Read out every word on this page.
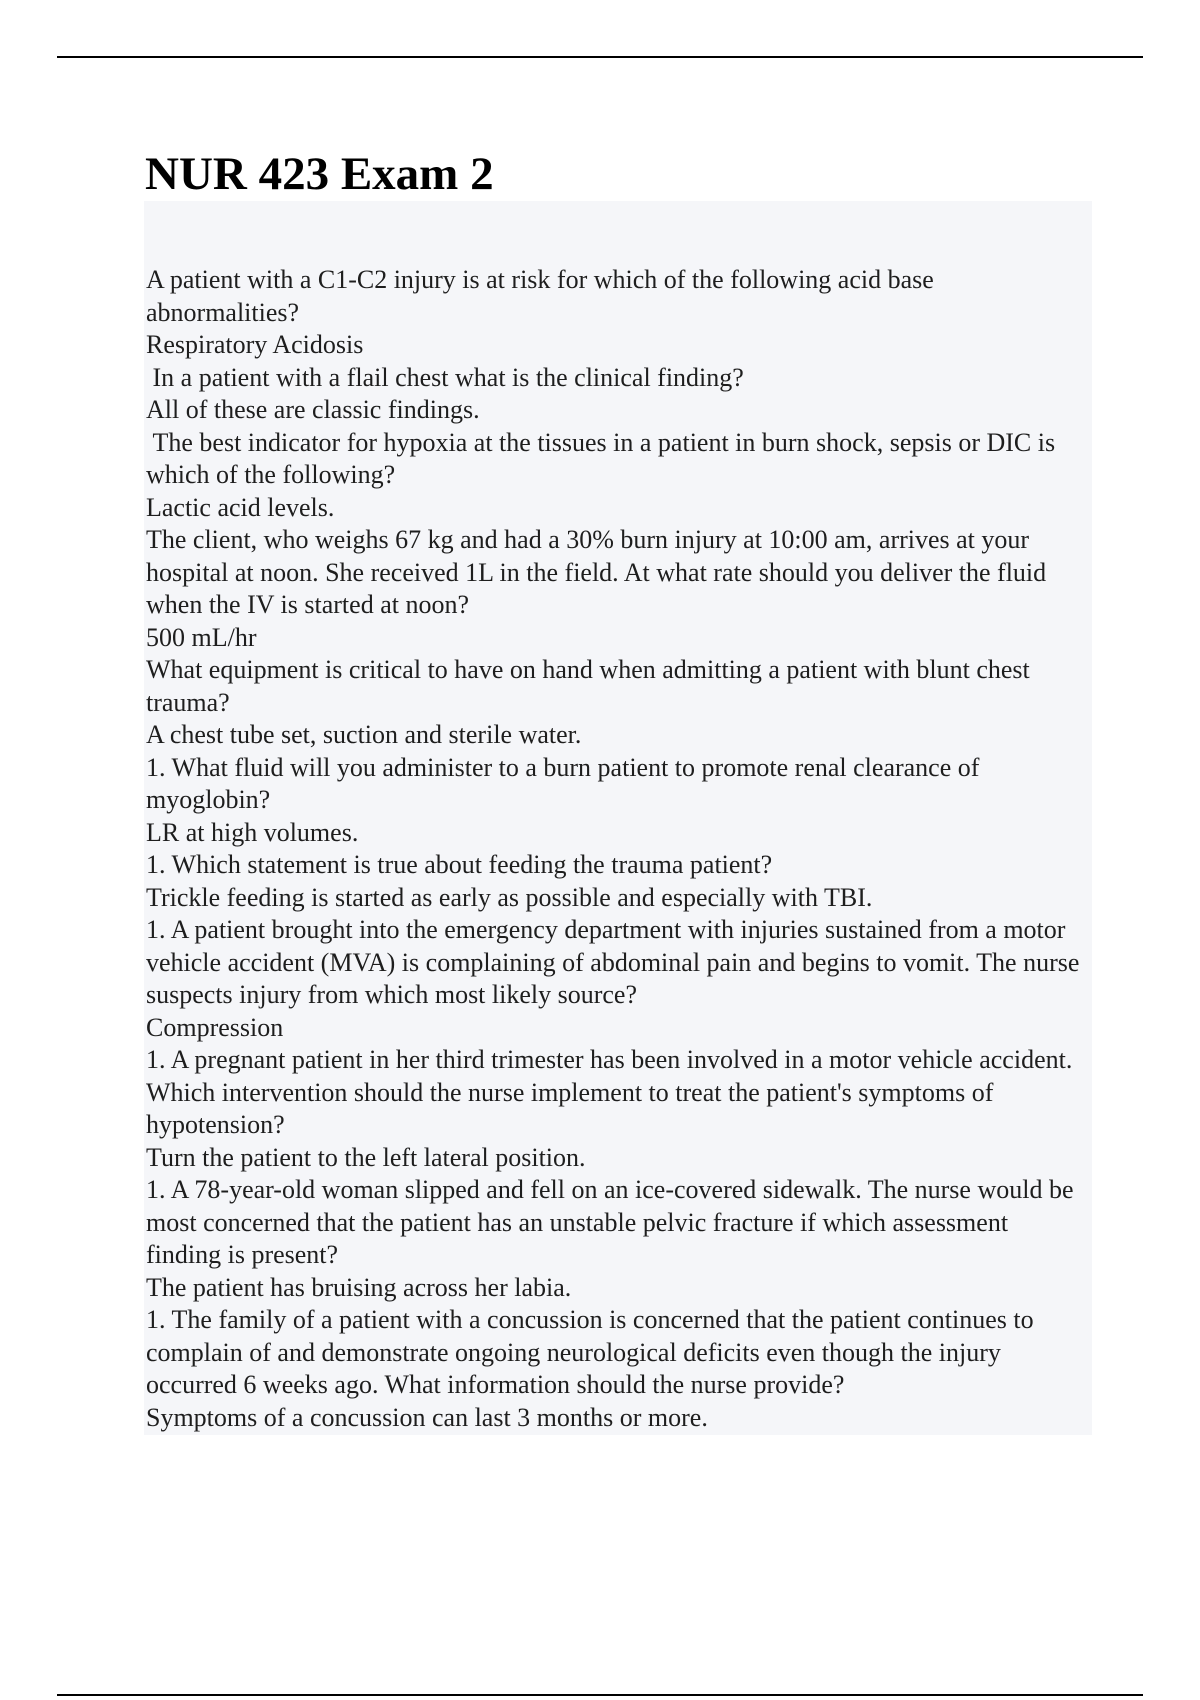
NUR 423 Exam 2
A patient with a C1-C2 injury is at risk for which of the following acid base abnormalities?
Respiratory Acidosis
In a patient with a flail chest what is the clinical finding?
All of these are classic findings.
The best indicator for hypoxia at the tissues in a patient in burn shock, sepsis or DIC is which of the following?
Lactic acid levels.
The client, who weighs 67 kg and had a 30% burn injury at 10:00 am, arrives at your hospital at noon. She received 1L in the field. At what rate should you deliver the fluid when the IV is started at noon?
500 mL/hr
What equipment is critical to have on hand when admitting a patient with blunt chest trauma?
A chest tube set, suction and sterile water.
1. What fluid will you administer to a burn patient to promote renal clearance of myoglobin?
LR at high volumes.
1. Which statement is true about feeding the trauma patient?
Trickle feeding is started as early as possible and especially with TBI.
1. A patient brought into the emergency department with injuries sustained from a motor vehicle accident (MVA) is complaining of abdominal pain and begins to vomit. The nurse suspects injury from which most likely source?
Compression
1. A pregnant patient in her third trimester has been involved in a motor vehicle accident. Which intervention should the nurse implement to treat the patient's symptoms of hypotension?
Turn the patient to the left lateral position.
1. A 78-year-old woman slipped and fell on an ice-covered sidewalk. The nurse would be most concerned that the patient has an unstable pelvic fracture if which assessment finding is present?
The patient has bruising across her labia.
1. The family of a patient with a concussion is concerned that the patient continues to complain of and demonstrate ongoing neurological deficits even though the injury occurred 6 weeks ago. What information should the nurse provide?
Symptoms of a concussion can last 3 months or more.
